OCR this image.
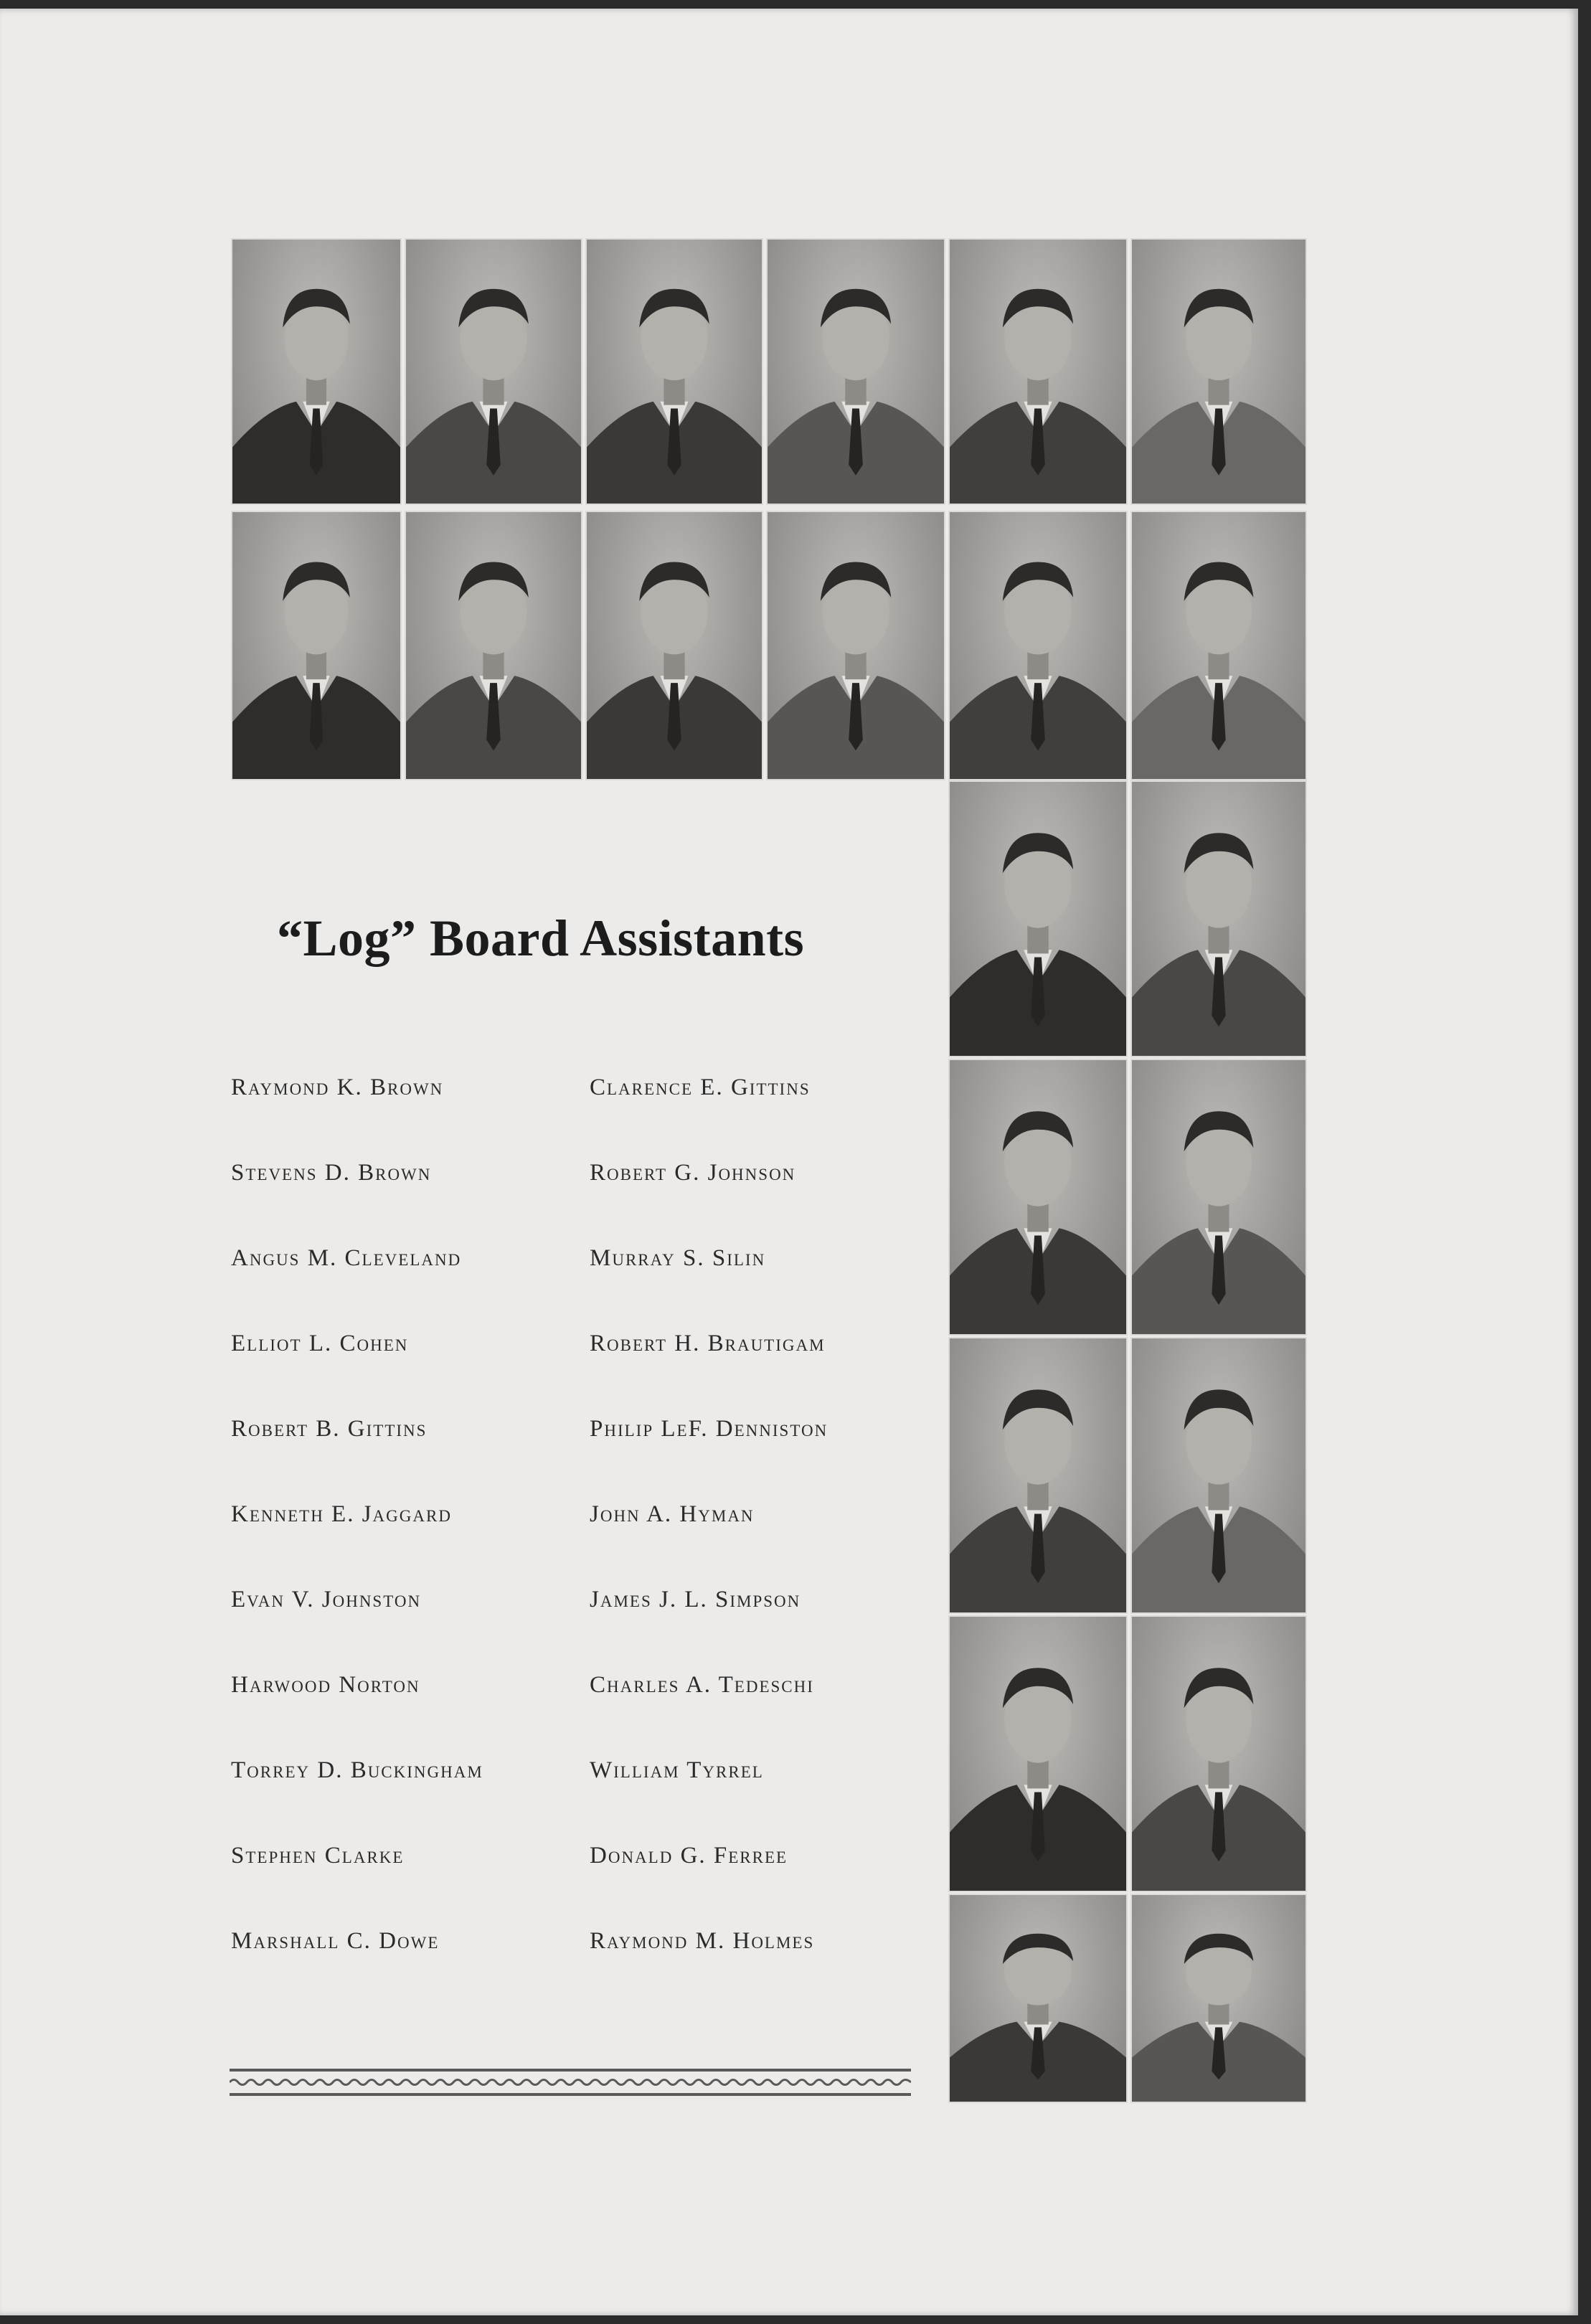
“Log” Board Assistants
Raymond K. Brown
Stevens D. Brown
Angus M. Cleveland
Elliot L. Cohen
Robert B. Gittins
Kenneth E. Jaggard
Evan V. Johnston
Harwood Norton
Torrey D. Buckingham
Stephen Clarke
Marshall C. Dowe
Clarence E. Gittins
Robert G. Johnson
Murray S. Silin
Robert H. Brautigam
Philip LeF. Denniston
John A. Hyman
James J. L. Simpson
Charles A. Tedeschi
William Tyrrel
Donald G. Ferree
Raymond M. Holmes
